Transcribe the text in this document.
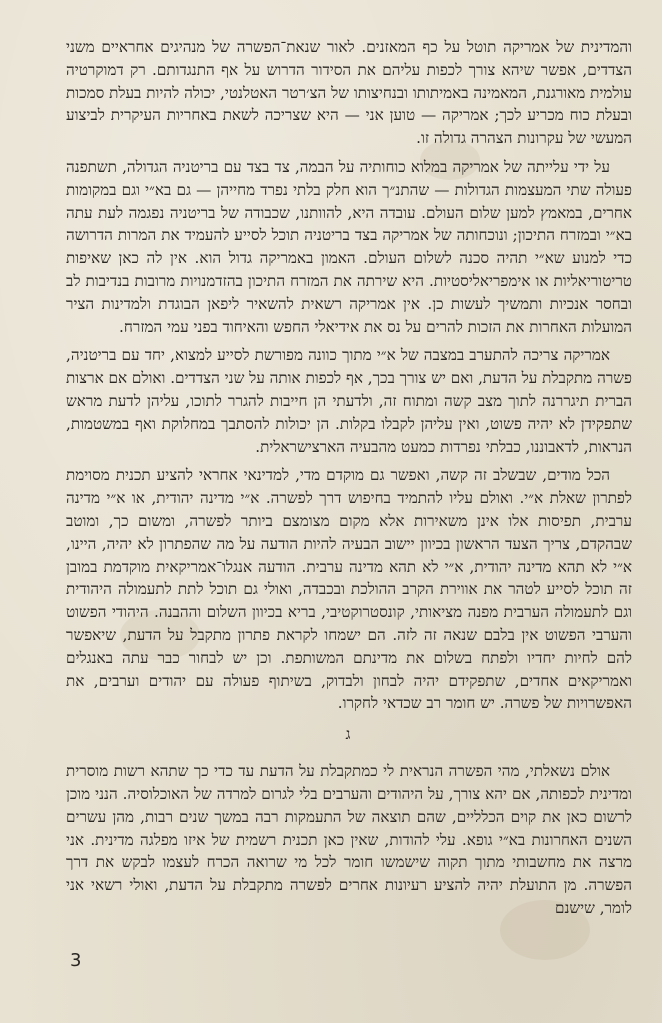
והמדינית של אמריקה תוטל על כף המאזנים. לאור שנאת־הפשרה של מנהיגים אחראיים משני הצדדים, אפשר שיהא צורך לכפות עליהם את הסידור הדרוש על אף התנגדותם. רק דמוקרטיה עולמית מאורגנת, המאמינה באמיתותו ובנחיצותו של הצ׳רטר האטלנטי, יכולה להיות בעלת סמכות ובעלת כוח מכריע לכך; אמריקה — טוען אני — היא שצריכה לשאת באחריות העיקרית לביצוע המעשי של עקרונות הצהרה גדולה זו.

על ידי עלייתה של אמריקה במלוא כוחותיה על הבמה, צד בצד עם בריטניה הגדולה, תשתפנה פעולה שתי המעצמות הגדולות — שהתנ״ך הוא חלק בלתי נפרד מחייהן — גם בא״י וגם במקומות אחרים, במאמץ למען שלום העולם. עובדה היא, להוותנו, שכבודה של בריטניה נפגמה לעת עתה בא״י ובמזרח התיכון; ונוכחותה של אמריקה בצד בריטניה תוכל לסייע להעמיד את המרות הדרושה כדי למנוע שא״י תהיה סכנה לשלום העולם. האמון באמריקה גדול הוא. אין לה כאן שאיפות טריטוריאליות או אימפריאליסטיות. היא שירתה את המזרח התיכון בהזדמנויות מרובות בנדיבות לב ובחסר אנכיות ותמשיך לעשות כן. אין אמריקה רשאית להשאיר ליפאן הבוגדת ולמדינות הציר המועלות האחרות את הזכות להרים על נס את אידיאלי החפש והאיחוד בפני עמי המזרח.

אמריקה צריכה להתערב במצבה של א״י מתוך כוונה מפורשת לסייע למצוא, יחד עם בריטניה, פשרה מתקבלת על הדעת, ואם יש צורך בכך, אף לכפות אותה על שני הצדדים. ואולם אם ארצות הברית תיגררנה לתוך מצב קשה ומתוח זה, ולדעתי הן חייבות להגרר לתוכו, עליהן לדעת מראש שתפקידן לא יהיה פשוט, ואין עליהן לקבלו בקלות. הן יכולות להסתבך במחלוקת ואף במשטמות, הנראות, לדאבוננו, כבלתי נפרדות כמעט מהבעיה הארצישראלית.

הכל מודים, שבשלב זה קשה, ואפשר גם מוקדם מדי, למדינאי אחראי להציע תכנית מסוימת לפתרון שאלת א״י. ואולם עליו להתמיד בחיפוש דרך לפשרה. א״י מדינה יהודית, או א״י מדינה ערבית, תפיסות אלו אינן משאירות אלא מקום מצומצם ביותר לפשרה, ומשום כך, ומוטב שבהקדם, צריך הצעד הראשון בכיוון יישוב הבעיה להיות הודעה על מה שהפתרון לא יהיה, היינו, א״י לא תהא מדינה יהודית, א״י לא תהא מדינה ערבית. הודעה אנגלו־אמריקאית מוקדמת במובן זה תוכל לסייע לטהר את אווירת הקרב ההולכת ובכבדה, ואולי גם תוכל לתת לתעמולה היהודית וגם לתעמולה הערבית מפנה מציאותי, קונסטרוקטיבי, בריא בכיוון השלום וההבנה. היהודי הפשוט והערבי הפשוט אין בלבם שנאה זה לזה. הם ישמחו לקראת פתרון מתקבל על הדעת, שיאפשר להם לחיות יחדיו ולפתח בשלום את מדינתם המשותפת. וכן יש לבחור כבר עתה באנגלים ואמריקאים אחדים, שתפקידם יהיה לבחון ולבדוק, בשיתוף פעולה עם יהודים וערבים, את האפשרויות של פשרה. יש חומר רב שכדאי לחקרו.

ג

אולם נשאלתי, מהי הפשרה הנראית לי כמתקבלת על הדעת עד כדי כך שתהא רשות מוסרית ומדינית לכפותה, אם יהא צורך, על היהודים והערבים בלי לגרום למרדה של האוכלוסיה. הנני מוכן לרשום כאן את קוים הכלליים, שהם תוצאה של התעמקות רבה במשך שנים רבות, מהן עשרים השנים האחרונות בא״י גופא. עלי להודות, שאין כאן תכנית רשמית של איזו מפלגה מדינית. אני מרצה את מחשבותי מתוך תקוה שישמשו חומר לכל מי שרואה הכרח לעצמו לבקש את דרך הפשרה. מן התועלת יהיה להציע רעיונות אחרים לפשרה מתקבלת על הדעת, ואולי רשאי אני לומר, שישנם

3
